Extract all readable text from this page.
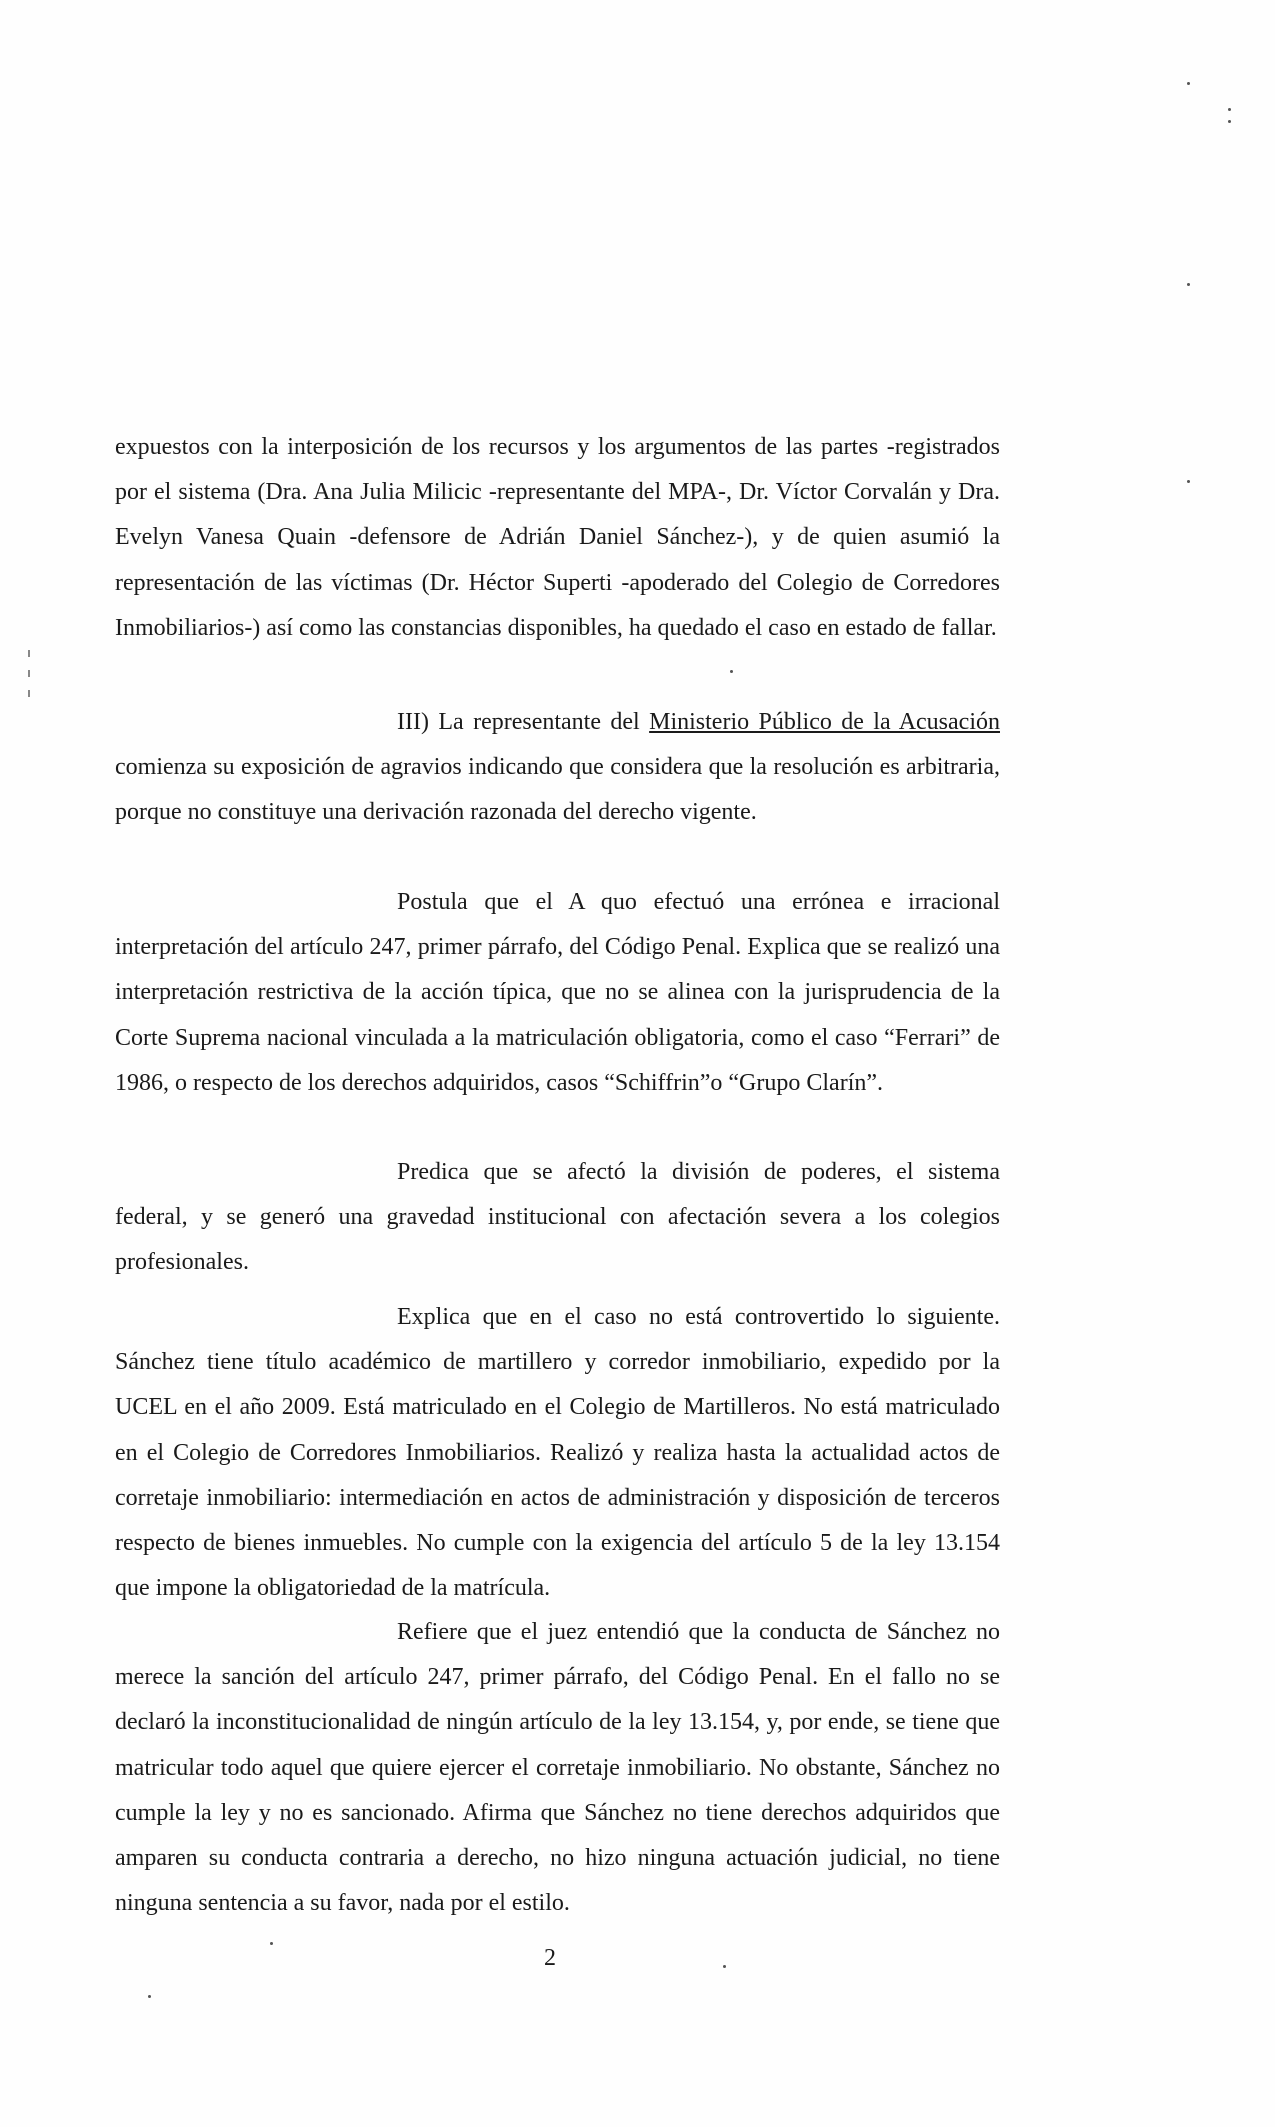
expuestos con la interposición de los recursos y los argumentos de las partes -registrados por el sistema (Dra. Ana Julia Milicic -representante del MPA-, Dr. Víctor Corvalán y Dra. Evelyn Vanesa Quain -defensore de Adrián Daniel Sánchez-), y de quien asumió la representación de las víctimas (Dr. Héctor Superti -apoderado del Colegio de Corredores Inmobiliarios-) así como las constancias disponibles, ha quedado el caso en estado de fallar.

III) La representante del Ministerio Público de la Acusación comienza su exposición de agravios indicando que considera que la resolución es arbitraria, porque no constituye una derivación razonada del derecho vigente.

Postula que el A quo efectuó una errónea e irracional interpretación del artículo 247, primer párrafo, del Código Penal. Explica que se realizó una interpretación restrictiva de la acción típica, que no se alinea con la jurisprudencia de la Corte Suprema nacional vinculada a la matriculación obligatoria, como el caso “Ferrari” de 1986, o respecto de los derechos adquiridos, casos “Schiffrin”o “Grupo Clarín”.

Predica que se afectó la división de poderes, el sistema federal, y se generó una gravedad institucional con afectación severa a los colegios profesionales.

Explica que en el caso no está controvertido lo siguiente. Sánchez tiene título académico de martillero y corredor inmobiliario, expedido por la UCEL en el año 2009. Está matriculado en el Colegio de Martilleros. No está matriculado en el Colegio de Corredores Inmobiliarios. Realizó y realiza hasta la actualidad actos de corretaje inmobiliario: intermediación en actos de administración y disposición de terceros respecto de bienes inmuebles. No cumple con la exigencia del artículo 5 de la ley 13.154 que impone la obligatoriedad de la matrícula.

Refiere que el juez entendió que la conducta de Sánchez no merece la sanción del artículo 247, primer párrafo, del Código Penal. En el fallo no se declaró la inconstitucionalidad de ningún artículo de la ley 13.154, y, por ende, se tiene que matricular todo aquel que quiere ejercer el corretaje inmobiliario. No obstante, Sánchez no cumple la ley y no es sancionado. Afirma que Sánchez no tiene derechos adquiridos que amparen su conducta contraria a derecho, no hizo ninguna actuación judicial, no tiene ninguna sentencia a su favor, nada por el estilo.

2
